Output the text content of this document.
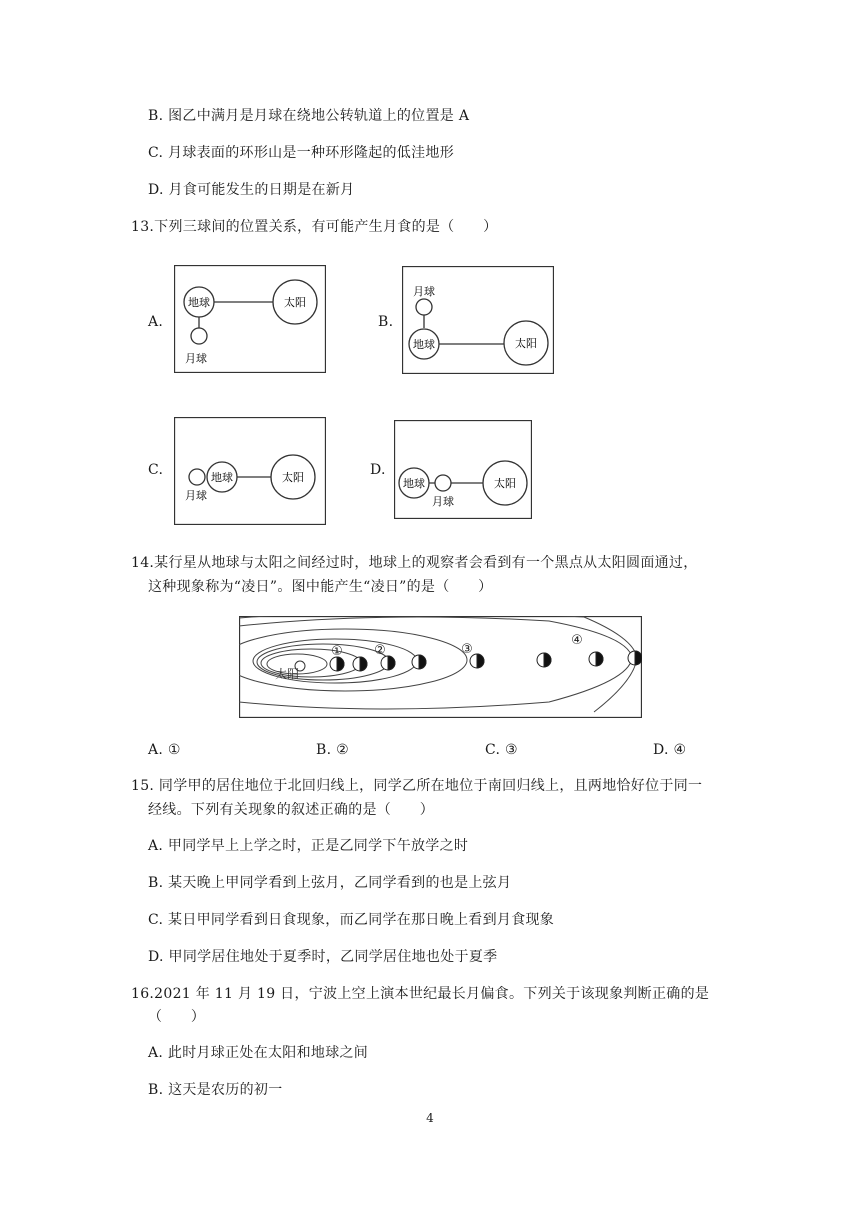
B. 图乙中满月是月球在绕地公转轨道上的位置是 A
C. 月球表面的环形山是一种环形隆起的低洼地形
D. 月食可能发生的日期是在新月
13.下列三球间的位置关系，有可能产生月食的是（　　）
A.
地球	太阳
月球
B.
月球
地球	太阳
C.	地球	太阳
月球
D.
地球	太阳
月球
14.某行星从地球与太阳之间经过时，地球上的观察者会看到有一个黑点从太阳圆面通过，
这种现象称为“凌日”。图中能产生“凌日”的是（　　）
太阳
① ②	③
④
A. ①	B. ②	C. ③	D. ④
15. 同学甲的居住地位于北回归线上，同学乙所在地位于南回归线上，且两地恰好位于同一
经线。下列有关现象的叙述正确的是（　　）
A. 甲同学早上上学之时，正是乙同学下午放学之时
B. 某天晚上甲同学看到上弦月，乙同学看到的也是上弦月
C. 某日甲同学看到日食现象，而乙同学在那日晚上看到月食现象
D. 甲同学居住地处于夏季时，乙同学居住地也处于夏季
16.2021 年 11 月 19 日，宁波上空上演本世纪最长月偏食。下列关于该现象判断正确的是
（　　）
A. 此时月球正处在太阳和地球之间
B. 这天是农历的初一
4
